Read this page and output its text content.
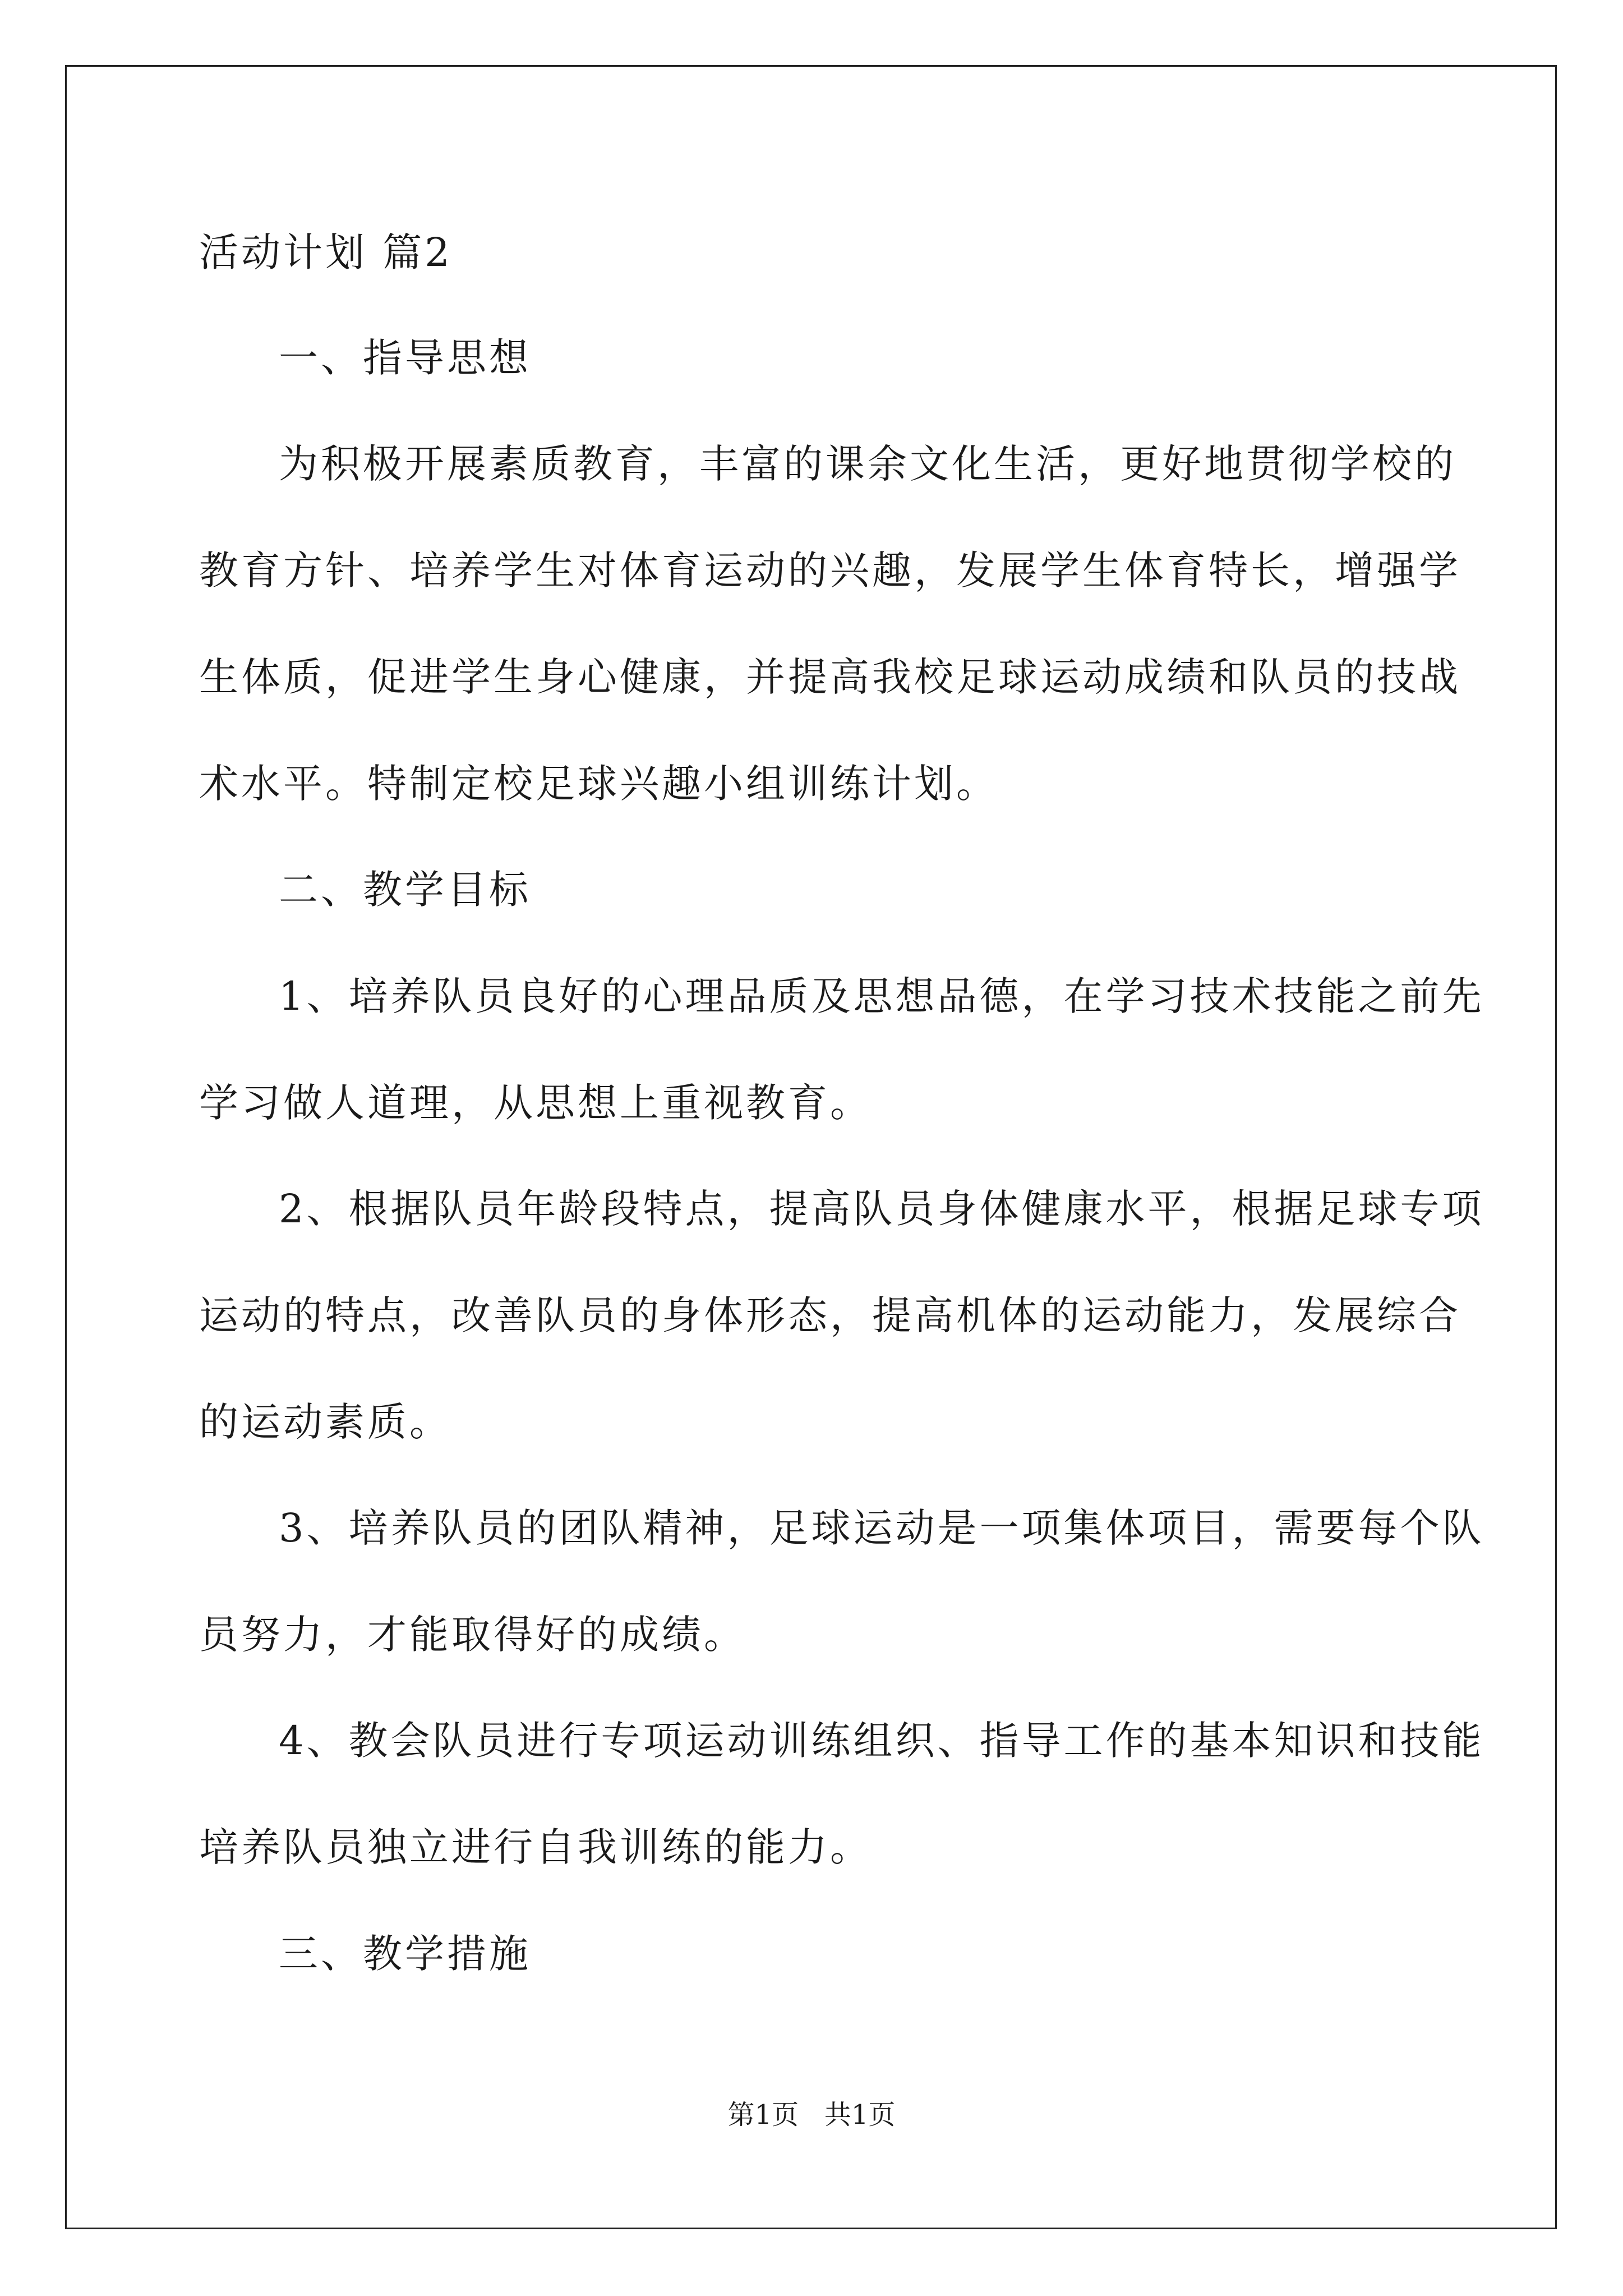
活动计划 篇2
一、指导思想
为积极开展素质教育，丰富的课余文化生活，更好地贯彻学校的
教育方针、培养学生对体育运动的兴趣，发展学生体育特长，增强学
生体质，促进学生身心健康，并提高我校足球运动成绩和队员的技战
术水平。特制定校足球兴趣小组训练计划。
二、教学目标
1、培养队员良好的心理品质及思想品德，在学习技术技能之前先
学习做人道理，从思想上重视教育。
2、根据队员年龄段特点，提高队员身体健康水平，根据足球专项
运动的特点，改善队员的身体形态，提高机体的运动能力，发展综合
的运动素质。
3、培养队员的团队精神，足球运动是一项集体项目，需要每个队
员努力，才能取得好的成绩。
4、教会队员进行专项运动训练组织、指导工作的基本知识和技能
培养队员独立进行自我训练的能力。
三、教学措施
第1页   共1页
